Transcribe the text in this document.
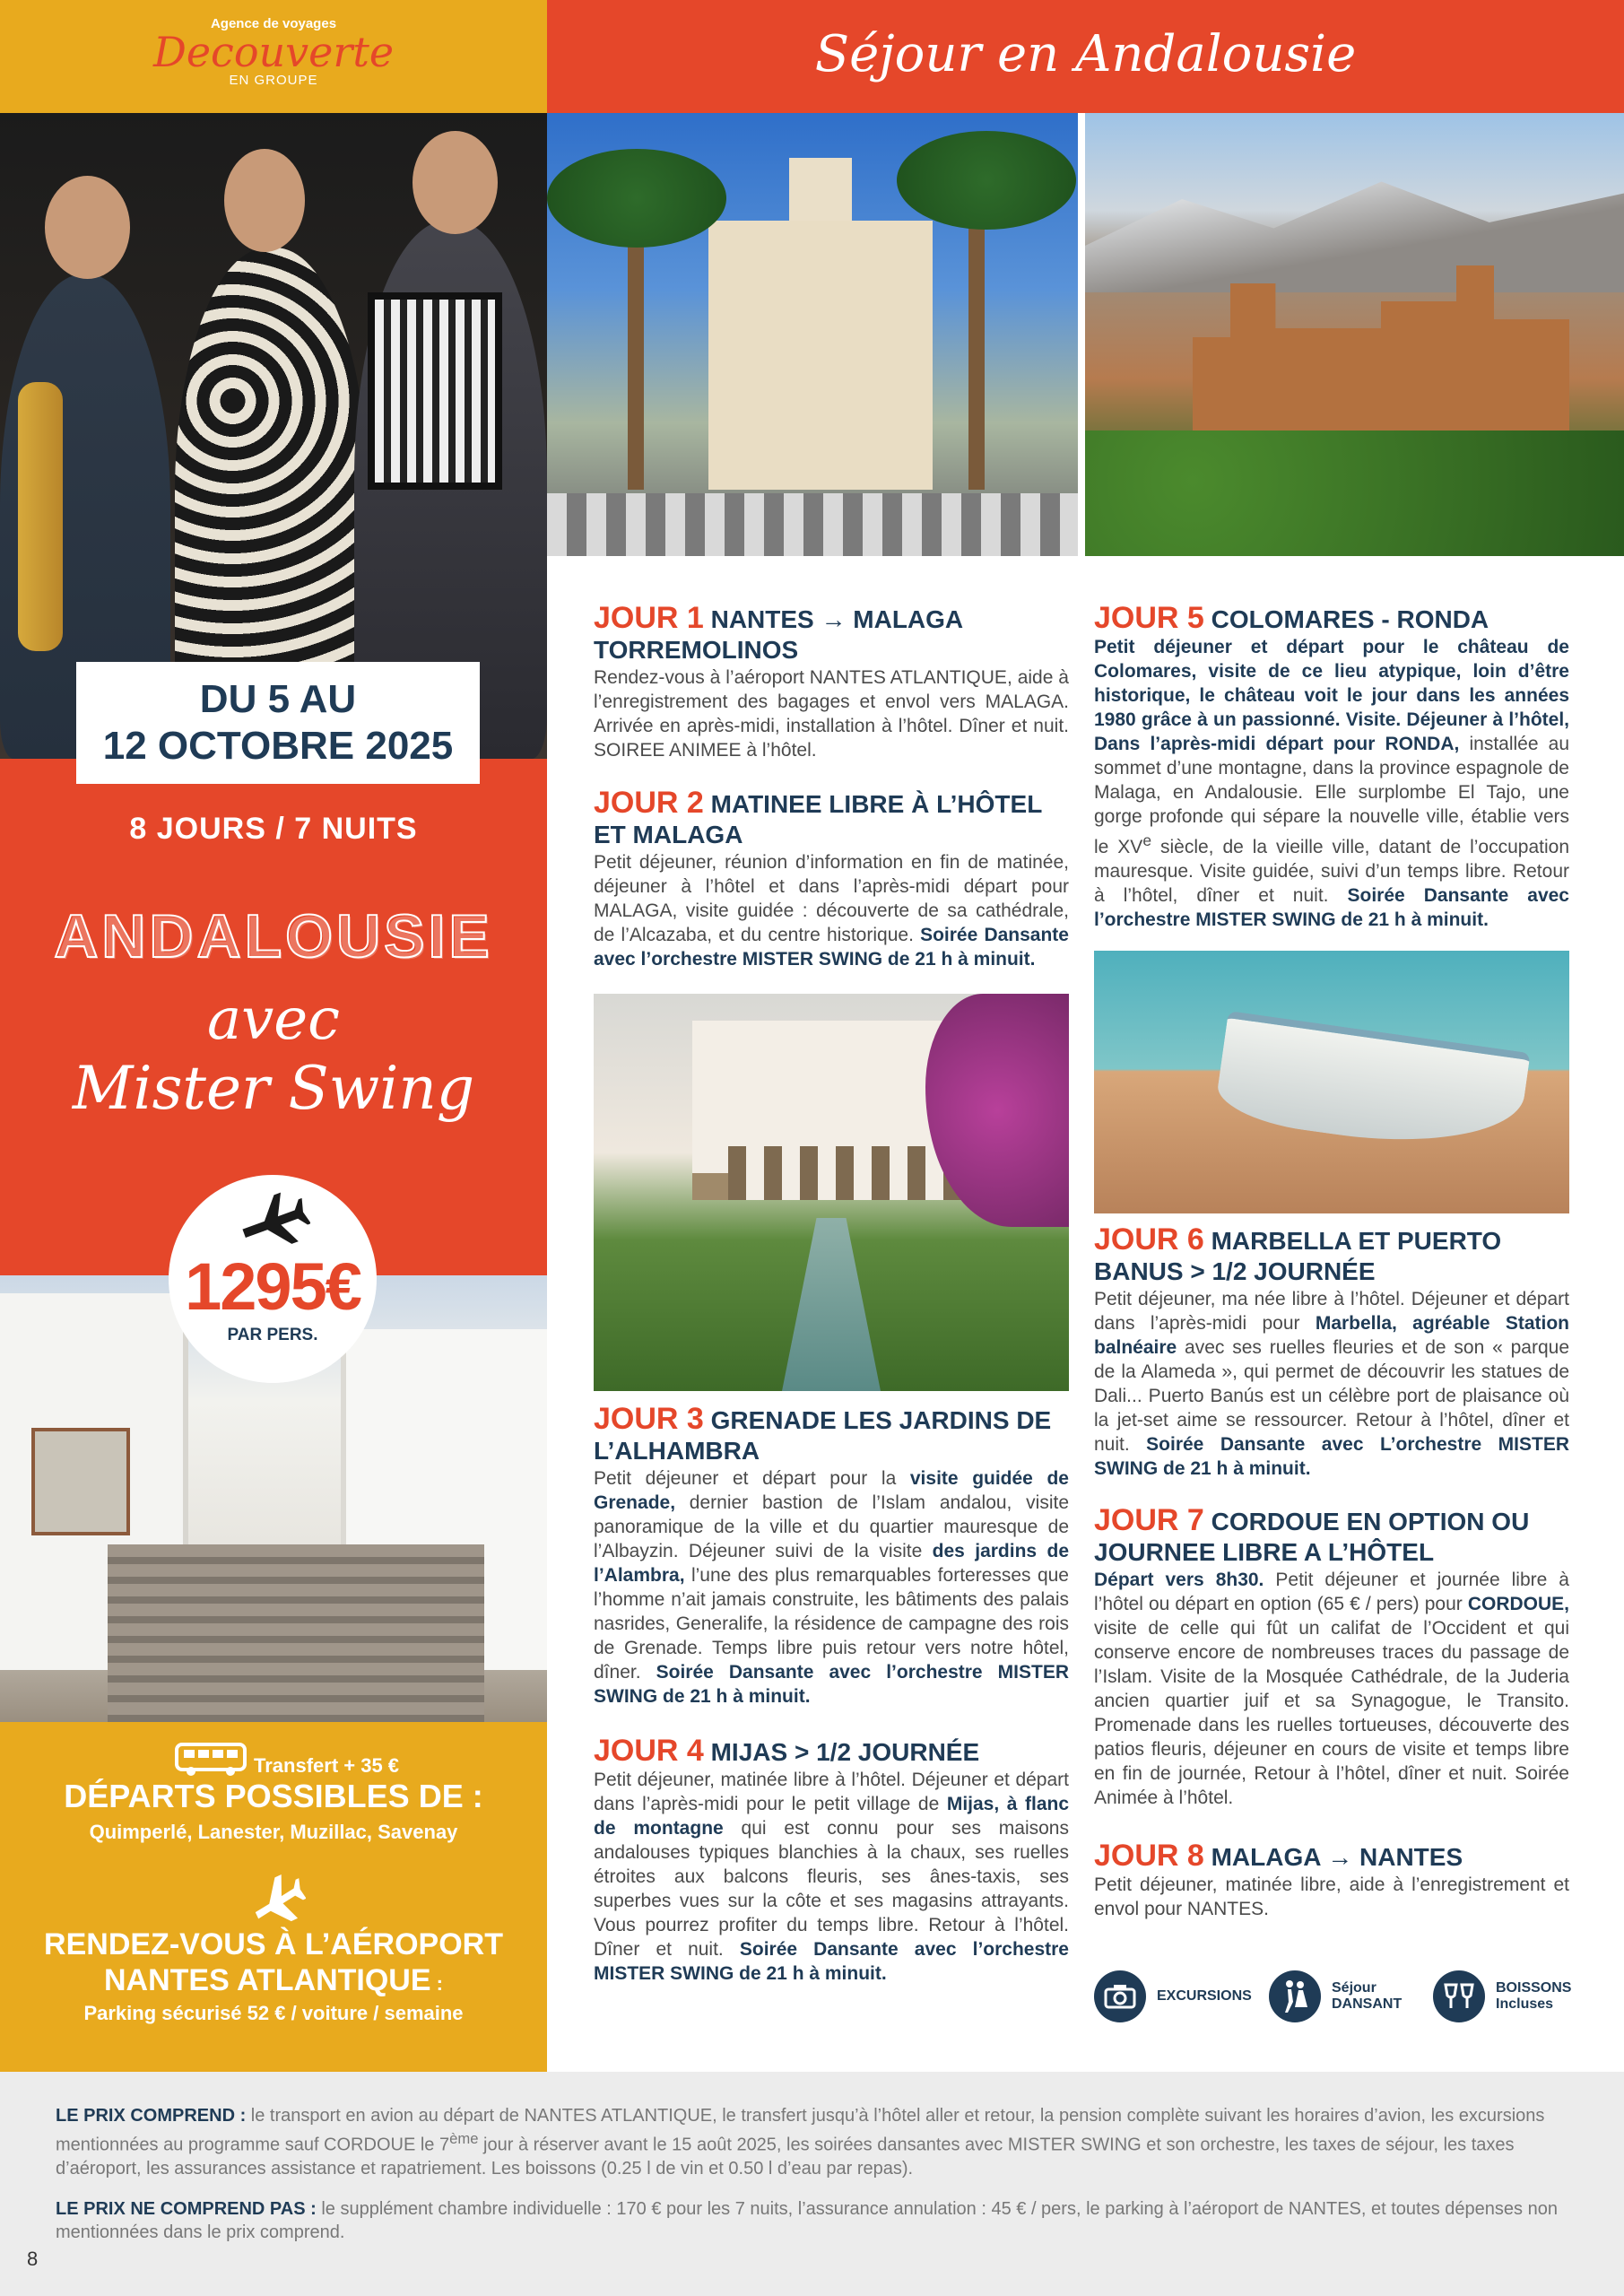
Agence de voyages
Decouverte
EN GROUPE
DU 5 AU
12 OCTOBRE 2025
8 JOURS / 7 NUITS
ANDALOUSIE
avec
Mister Swing
1295€
PAR PERS.
Transfert + 35 €
DÉPARTS POSSIBLES DE :
Quimperlé, Lanester, Muzillac, Savenay
RENDEZ-VOUS À L’AÉROPORT
NANTES ATLANTIQUE :
Parking sécurisé 52 € / voiture / semaine
Séjour en Andalousie
JOUR 1 NANTES → MALAGA TORREMOLINOS

Rendez-vous à l’aéroport NANTES ATLANTIQUE, aide à l’enregistrement des bagages et envol vers MALAGA. Arrivée en après-midi, installation à l’hôtel. Dîner et nuit. SOIREE ANIMEE à l’hôtel.

JOUR 2 MATINEE LIBRE À L’HÔTEL ET MALAGA

Petit déjeuner, réunion d’information en fin de matinée, déjeuner à l’hôtel et dans l’après-midi départ pour MALAGA, visite guidée : découverte de sa cathédrale, de l’Alcazaba, et du centre historique. Soirée Dansante avec l’orchestre MISTER SWING de 21 h à minuit.

JOUR 3 GRENADE LES JARDINS DE L’ALHAMBRA

Petit déjeuner et départ pour la visite guidée de Grenade, dernier bastion de l’Islam andalou, visite panoramique de la ville et du quartier mauresque de l’Albayzin. Déjeuner suivi de la visite des jardins de l’Alambra, l’une des plus remarquables forteresses que l’homme n’ait jamais construite, les bâtiments des palais nasrides, Generalife, la résidence de campagne des rois de Grenade. Temps libre puis retour vers notre hôtel, dîner. Soirée Dansante avec l’orchestre MISTER SWING de 21 h à minuit.

JOUR 4 MIJAS > 1/2 JOURNÉE

Petit déjeuner, matinée libre à l’hôtel. Déjeuner et départ dans l’après-midi pour le petit village de Mijas, à flanc de montagne qui est connu pour ses maisons andalouses typiques blanchies à la chaux, ses ruelles étroites aux balcons fleuris, ses ânes-taxis, ses superbes vues sur la côte et ses magasins attrayants. Vous pourrez profiter du temps libre. Retour à l’hôtel. Dîner et nuit. Soirée Dansante avec l’orchestre MISTER SWING de 21 h à minuit.

JOUR 5 COLOMARES - RONDA

Petit déjeuner et départ pour le château de Colomares, visite de ce lieu atypique, loin d’être historique, le château voit le jour dans les années 1980 grâce à un passionné. Visite. Déjeuner à l’hôtel, Dans l’après-midi départ pour RONDA, installée au sommet d’une montagne, dans la province espagnole de Malaga, en Andalousie. Elle surplombe El Tajo, une gorge profonde qui sépare la nouvelle ville, établie vers le XVe siècle, de la vieille ville, datant de l’occupation mauresque. Visite guidée, suivi d’un temps libre. Retour à l’hôtel, dîner et nuit. Soirée Dansante avec l’orchestre MISTER SWING de 21 h à minuit.

JOUR 6 MARBELLA ET PUERTO BANUS > 1/2 JOURNÉE

Petit déjeuner, ma née libre à l’hôtel. Déjeuner et départ dans l’après-midi pour Marbella, agréable Station balnéaire avec ses ruelles fleuries et de son « parque de la Alameda », qui permet de découvrir les statues de Dali... Puerto Banús est un célèbre port de plaisance où la jet-set aime se ressourcer. Retour à l’hôtel, dîner et nuit. Soirée Dansante avec L’orchestre MISTER SWING de 21 h à minuit.

JOUR 7 CORDOUE EN OPTION OU JOURNEE LIBRE A L’HÔTEL

Départ vers 8h30. Petit déjeuner et journée libre à l’hôtel ou départ en option (65 € / pers) pour CORDOUE, visite de celle qui fût un califat de l’Occident et qui conserve encore de nombreuses traces du passage de l’Islam. Visite de la Mosquée Cathédrale, de la Juderia ancien quartier juif et sa Synagogue, le Transito. Promenade dans les ruelles tortueuses, découverte des patios fleuris, déjeuner en cours de visite et temps libre en fin de journée, Retour à l’hôtel, dîner et nuit. Soirée Animée à l’hôtel.

JOUR 8 MALAGA → NANTES

Petit déjeuner, matinée libre, aide à l’enregistrement et envol pour NANTES.

EXCURSIONS
Séjour
DANSANT
BOISSONS
Incluses
LE PRIX COMPREND : le transport en avion au départ de NANTES ATLANTIQUE, le transfert jusqu’à l’hôtel aller et retour, la pension complète suivant les horaires d’avion, les excursions mentionnées au programme sauf CORDOUE le 7ème jour à réserver avant le 15 août 2025, les soirées dansantes avec MISTER SWING et son orchestre, les taxes de séjour, les taxes d’aéroport, les assurances assistance et rapatriement. Les boissons (0.25 l de vin et 0.50 l d’eau par repas).
LE PRIX NE COMPREND PAS : le supplément chambre individuelle : 170 € pour les 7 nuits, l’assurance annulation : 45 € / pers, le parking à l’aéroport de NANTES, et toutes dépenses non mentionnées dans le prix comprend.
8
